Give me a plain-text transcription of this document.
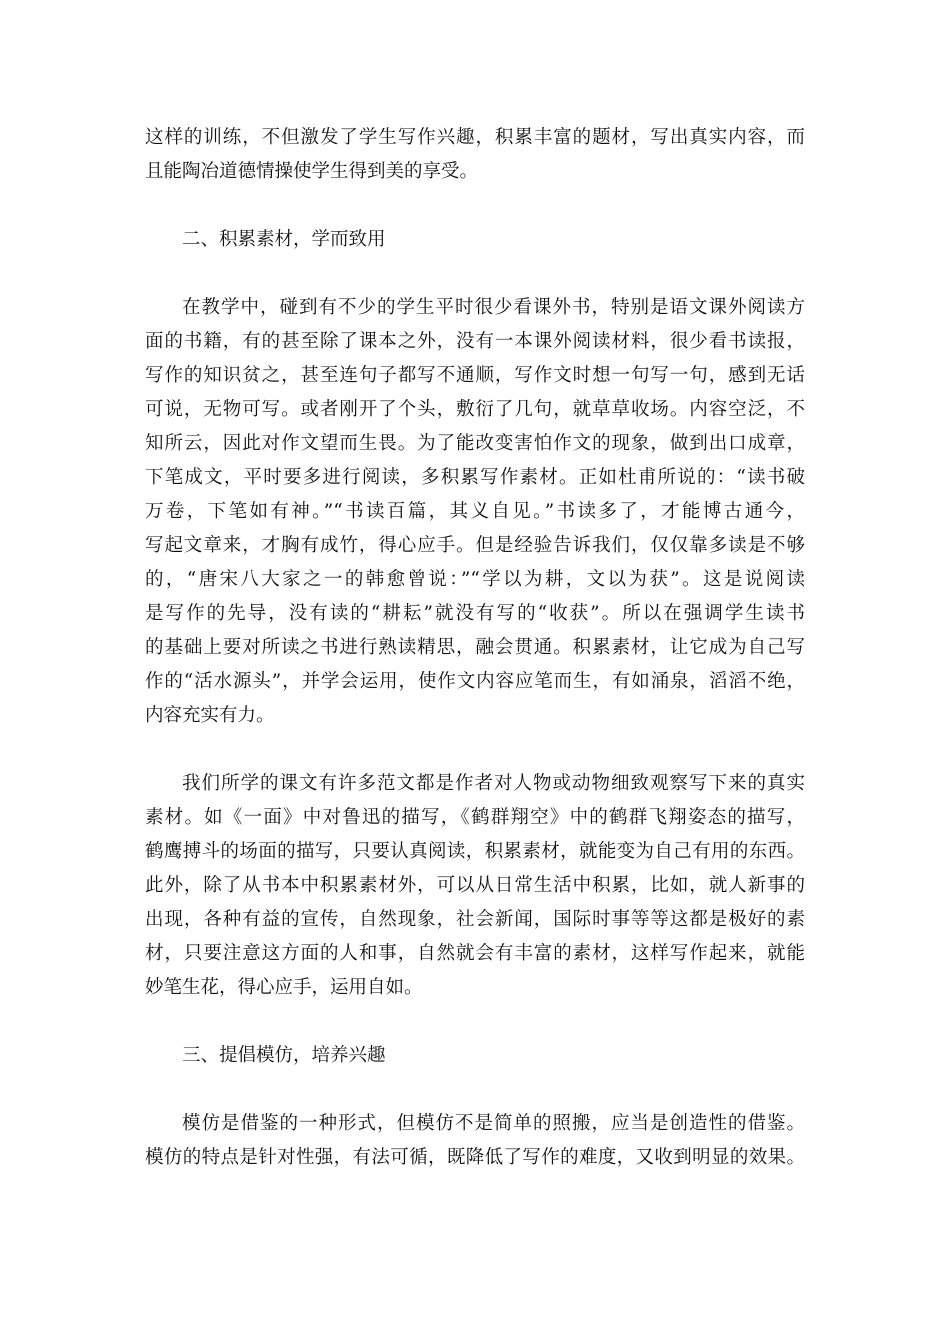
这样的训练，不但激发了学生写作兴趣，积累丰富的题材，写出真实内容，而
且能陶冶道德情操使学生得到美的享受。
二、积累素材，学而致用
在教学中，碰到有不少的学生平时很少看课外书，特别是语文课外阅读方
面的书籍，有的甚至除了课本之外，没有一本课外阅读材料，很少看书读报，
写作的知识贫之，甚至连句子都写不通顺，写作文时想一句写一句，感到无话
可说，无物可写。或者刚开了个头，敷衍了几句，就草草收场。内容空泛，不
知所云，因此对作文望而生畏。为了能改变害怕作文的现象，做到出口成章，
下笔成文，平时要多进行阅读，多积累写作素材。正如杜甫所说的：“读书破
万卷，下笔如有神。”“书读百篇，其义自见。”书读多了，才能博古通今，
写起文章来，才胸有成竹，得心应手。但是经验告诉我们，仅仅靠多读是不够
的，“唐宋八大家之一的韩愈曾说：”“学以为耕，文以为获”。这是说阅读
是写作的先导，没有读的“耕耘”就没有写的“收获”。所以在强调学生读书
的基础上要对所读之书进行熟读精思，融会贯通。积累素材，让它成为自己写
作的“活水源头”，并学会运用，使作文内容应笔而生，有如涌泉，滔滔不绝，
内容充实有力。
我们所学的课文有许多范文都是作者对人物或动物细致观察写下来的真实
素材。如《一面》中对鲁迅的描写，《鹤群翔空》中的鹤群飞翔姿态的描写，
鹤鹰搏斗的场面的描写，只要认真阅读，积累素材，就能变为自己有用的东西。
此外，除了从书本中积累素材外，可以从日常生活中积累，比如，就人新事的
出现，各种有益的宣传，自然现象，社会新闻，国际时事等等这都是极好的素
材，只要注意这方面的人和事，自然就会有丰富的素材，这样写作起来，就能
妙笔生花，得心应手，运用自如。
三、提倡模仿，培养兴趣
模仿是借鉴的一种形式，但模仿不是简单的照搬，应当是创造性的借鉴。
模仿的特点是针对性强，有法可循，既降低了写作的难度，又收到明显的效果。
